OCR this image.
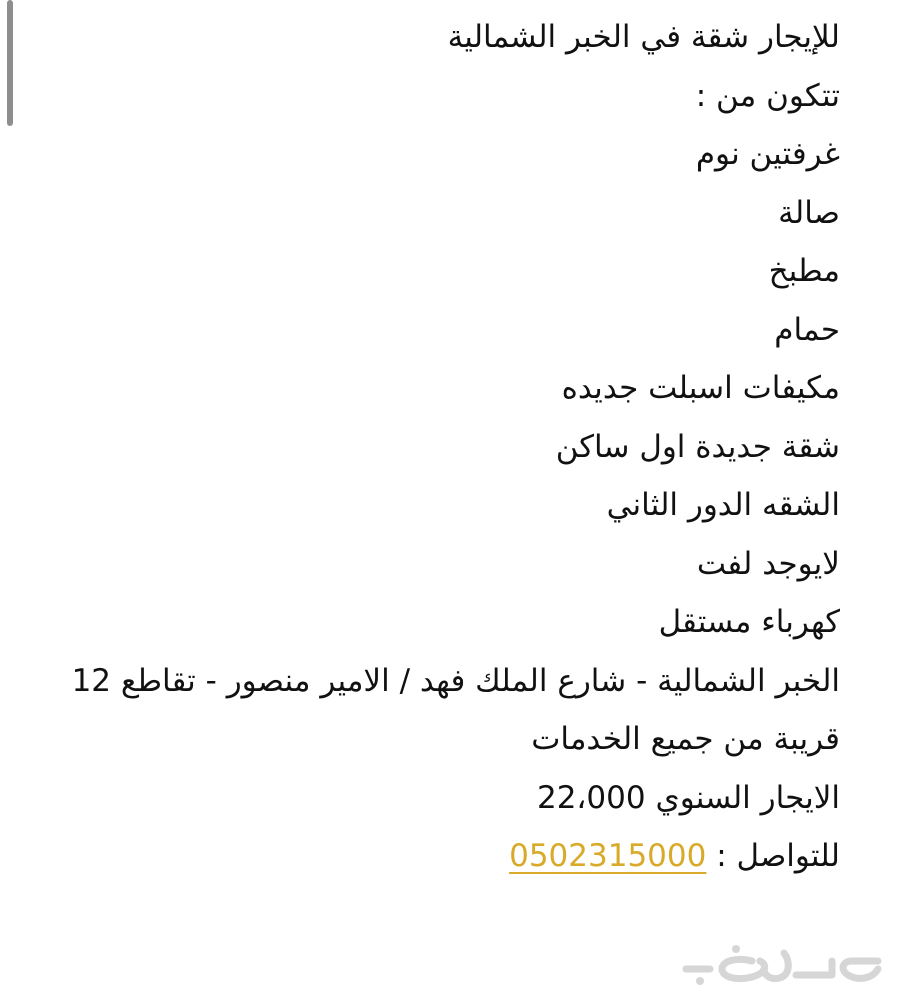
للإيجار شقة في الخبر الشمالية
تتكون من :
غرفتين نوم
صالة
مطبخ
حمام
مكيفات اسبلت جديده
شقة جديدة اول ساكن
الشقه الدور الثاني
لايوجد لفت
كهرباء مستقل
الخبر الشمالية - شارع الملك فهد / الامير منصور - تقاطع 12
قريبة من جميع الخدمات
الايجار السنوي 22،000
للتواصل : 0502315000
